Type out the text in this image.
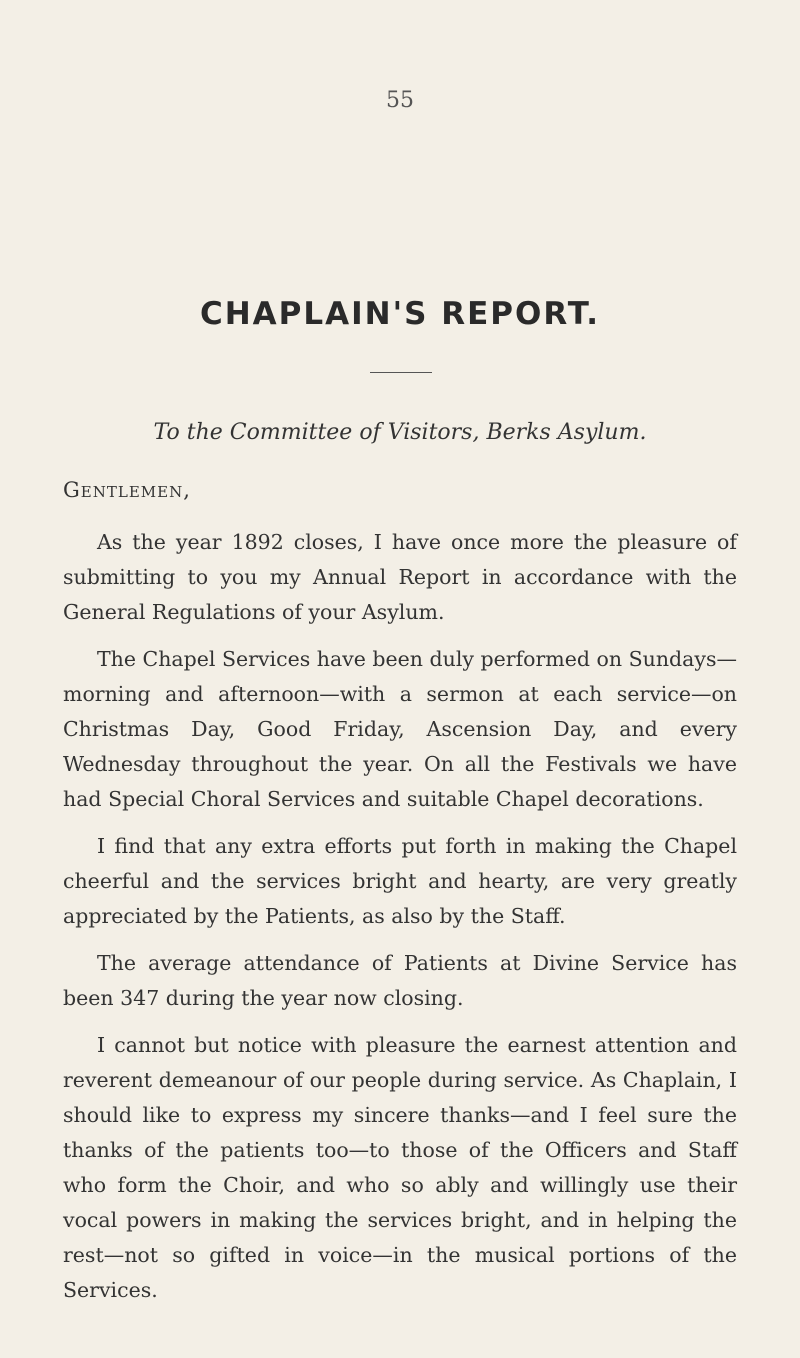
55
CHAPLAIN'S REPORT.
To the Committee of Visitors, Berks Asylum.
Gentlemen,

As the year 1892 closes, I have once more the pleasure of submitting to you my Annual Report in accordance with the General Regulations of your Asylum.

The Chapel Services have been duly performed on Sundays—morning and afternoon—with a sermon at each service—on Christmas Day, Good Friday, Ascension Day, and every Wednesday throughout the year. On all the Festivals we have had Special Choral Services and suitable Chapel decorations.

I find that any extra efforts put forth in making the Chapel cheerful and the services bright and hearty, are very greatly appreciated by the Patients, as also by the Staff.

The average attendance of Patients at Divine Service has been 347 during the year now closing.

I cannot but notice with pleasure the earnest attention and reverent demeanour of our people during service. As Chaplain, I should like to express my sincere thanks—and I feel sure the thanks of the patients too—to those of the Officers and Staff who form the Choir, and who so ably and willingly use their vocal powers in making the services bright, and in helping the rest—not so gifted in voice—in the musical portions of the Services.
